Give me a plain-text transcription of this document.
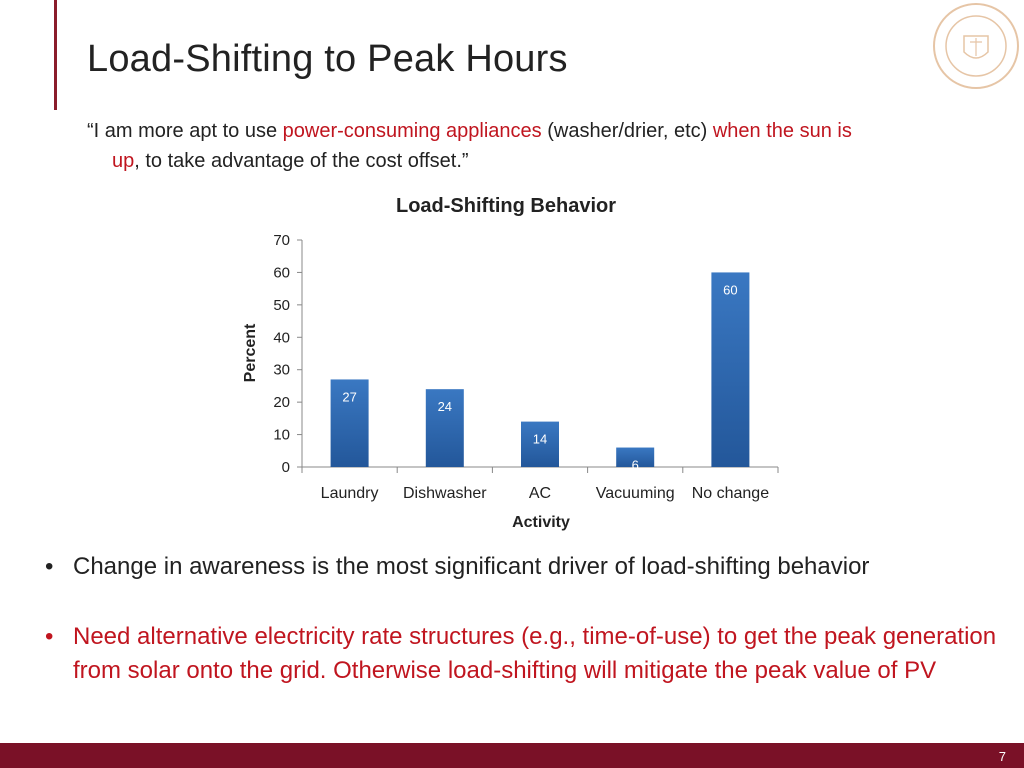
Load-Shifting to Peak Hours
“I am more apt to use power-consuming appliances (washer/drier, etc) when the sun is
up, to take advantage of the cost offset.”
Load-Shifting Behavior
Percent
Activity
0
10
20
30
40
50
60
70
27
Laundry
24
Dishwasher
14
AC
6
Vacuuming
60
No change
• Change in awareness is the most significant driver of load-shifting behavior
• Need alternative electricity rate structures (e.g., time-of-use) to get the peak generation from solar onto the grid. Otherwise load-shifting will mitigate the peak value of PV
7
